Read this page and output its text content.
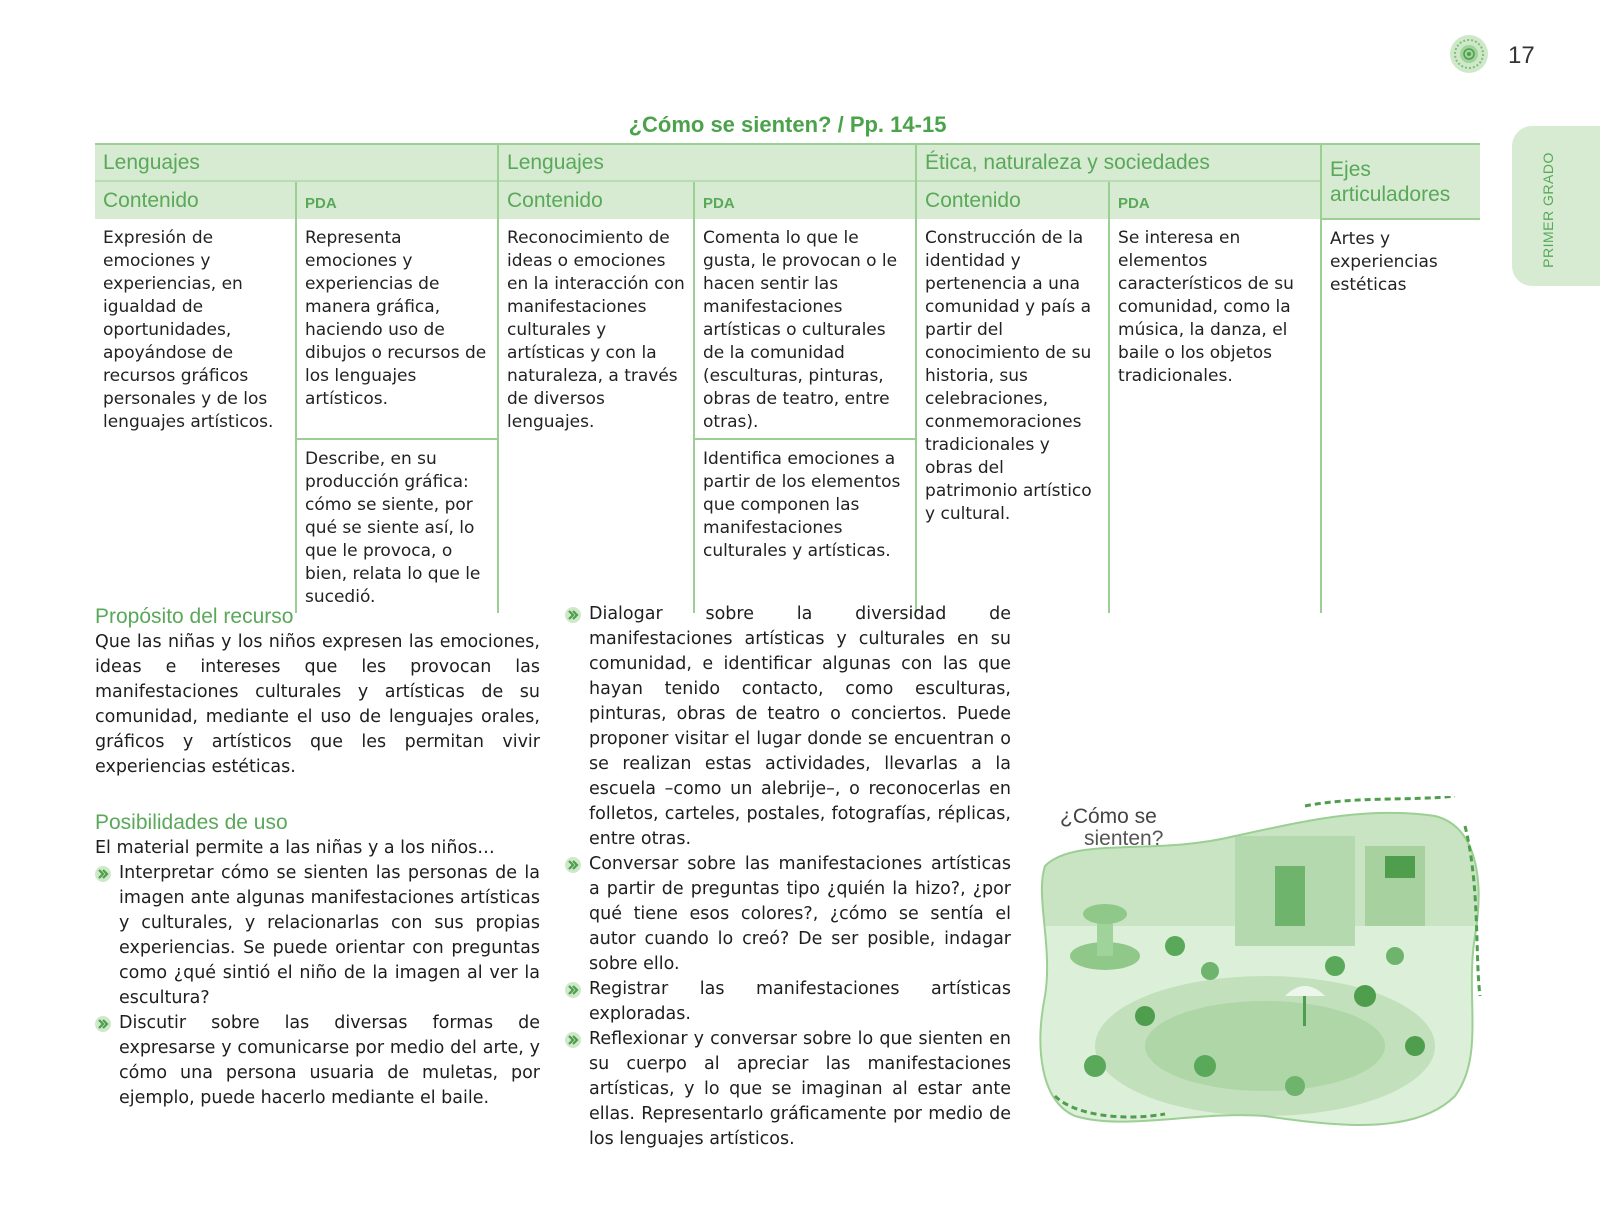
17
PRIMER GRADO
¿Cómo se sienten? / Pp. 14-15
Lenguajes		Lenguajes		Ética, naturaleza y sociedades		Ejes articuladores
Contenido	PDA	Contenido	PDA	Contenido	PDA	
Expresión de emociones y experiencias, en igualdad de oportunidades, apoyándose de recursos gráficos personales y de los lenguajes artísticos.	Representa emociones y experiencias de manera gráfica, haciendo uso de dibujos o recursos de los lenguajes artísticos.	Reconocimiento de ideas o emociones en la interacción con manifestaciones culturales y artísticas y con la naturaleza, a través de diversos lenguajes.	Comenta lo que le gusta, le provocan o le hacen sentir las manifestaciones artísticas o culturales de la comunidad (esculturas, pinturas, obras de teatro, entre otras).	Construcción de la identidad y pertenencia a una comunidad y país a partir del conocimiento de su historia, sus celebraciones, conmemoraciones tradicionales y obras del patrimonio artístico y cultural.	Se interesa en elementos característicos de su comunidad, como la música, la danza, el baile o los objetos tradicionales.	Artes y experiencias estéticas
	Describe, en su producción gráfica: cómo se siente, por qué se siente así, lo que le provoca, o bien, relata lo que le sucedió.		Identifica emociones a partir de los elementos que componen las manifestaciones culturales y artísticas.			
Propósito del recurso

Que las niñas y los niños expresen las emociones, ideas e intereses que les provocan las manifestaciones culturales y artísticas de su comunidad, mediante el uso de lenguajes orales, gráficos y artísticos que les permitan vivir experiencias estéticas.

Posibilidades de uso

El material permite a las niñas y a los niños…

Interpretar cómo se sienten las personas de la imagen ante algunas manifestaciones artísticas y culturales, y relacionarlas con sus propias experiencias. Se puede orientar con preguntas como ¿qué sintió el niño de la imagen al ver la escultura?
Discutir sobre las diversas formas de expresarse y comunicarse por medio del arte, y cómo una persona usuaria de muletas, por ejemplo, puede hacerlo mediante el baile.
Dialogar sobre la diversidad de manifestaciones artísticas y culturales en su comunidad, e identificar algunas con las que hayan tenido contacto, como esculturas, pinturas, obras de teatro o conciertos. Puede proponer visitar el lugar donde se encuentran o se realizan estas actividades, llevarlas a la escuela –como un alebrije–, o reconocerlas en folletos, carteles, postales, fotografías, réplicas, entre otras.
Conversar sobre las manifestaciones artísticas a partir de preguntas tipo ¿quién la hizo?, ¿por qué tiene esos colores?, ¿cómo se sentía el autor cuando lo creó? De ser posible, indagar sobre ello.
Registrar las manifestaciones artísticas exploradas.
Reflexionar y conversar sobre lo que sienten en su cuerpo al apreciar las manifestaciones artísticas, y lo que se imaginan al estar ante ellas. Representarlo gráficamente por medio de los lenguajes artísticos.
¿Cómo se
sienten?
